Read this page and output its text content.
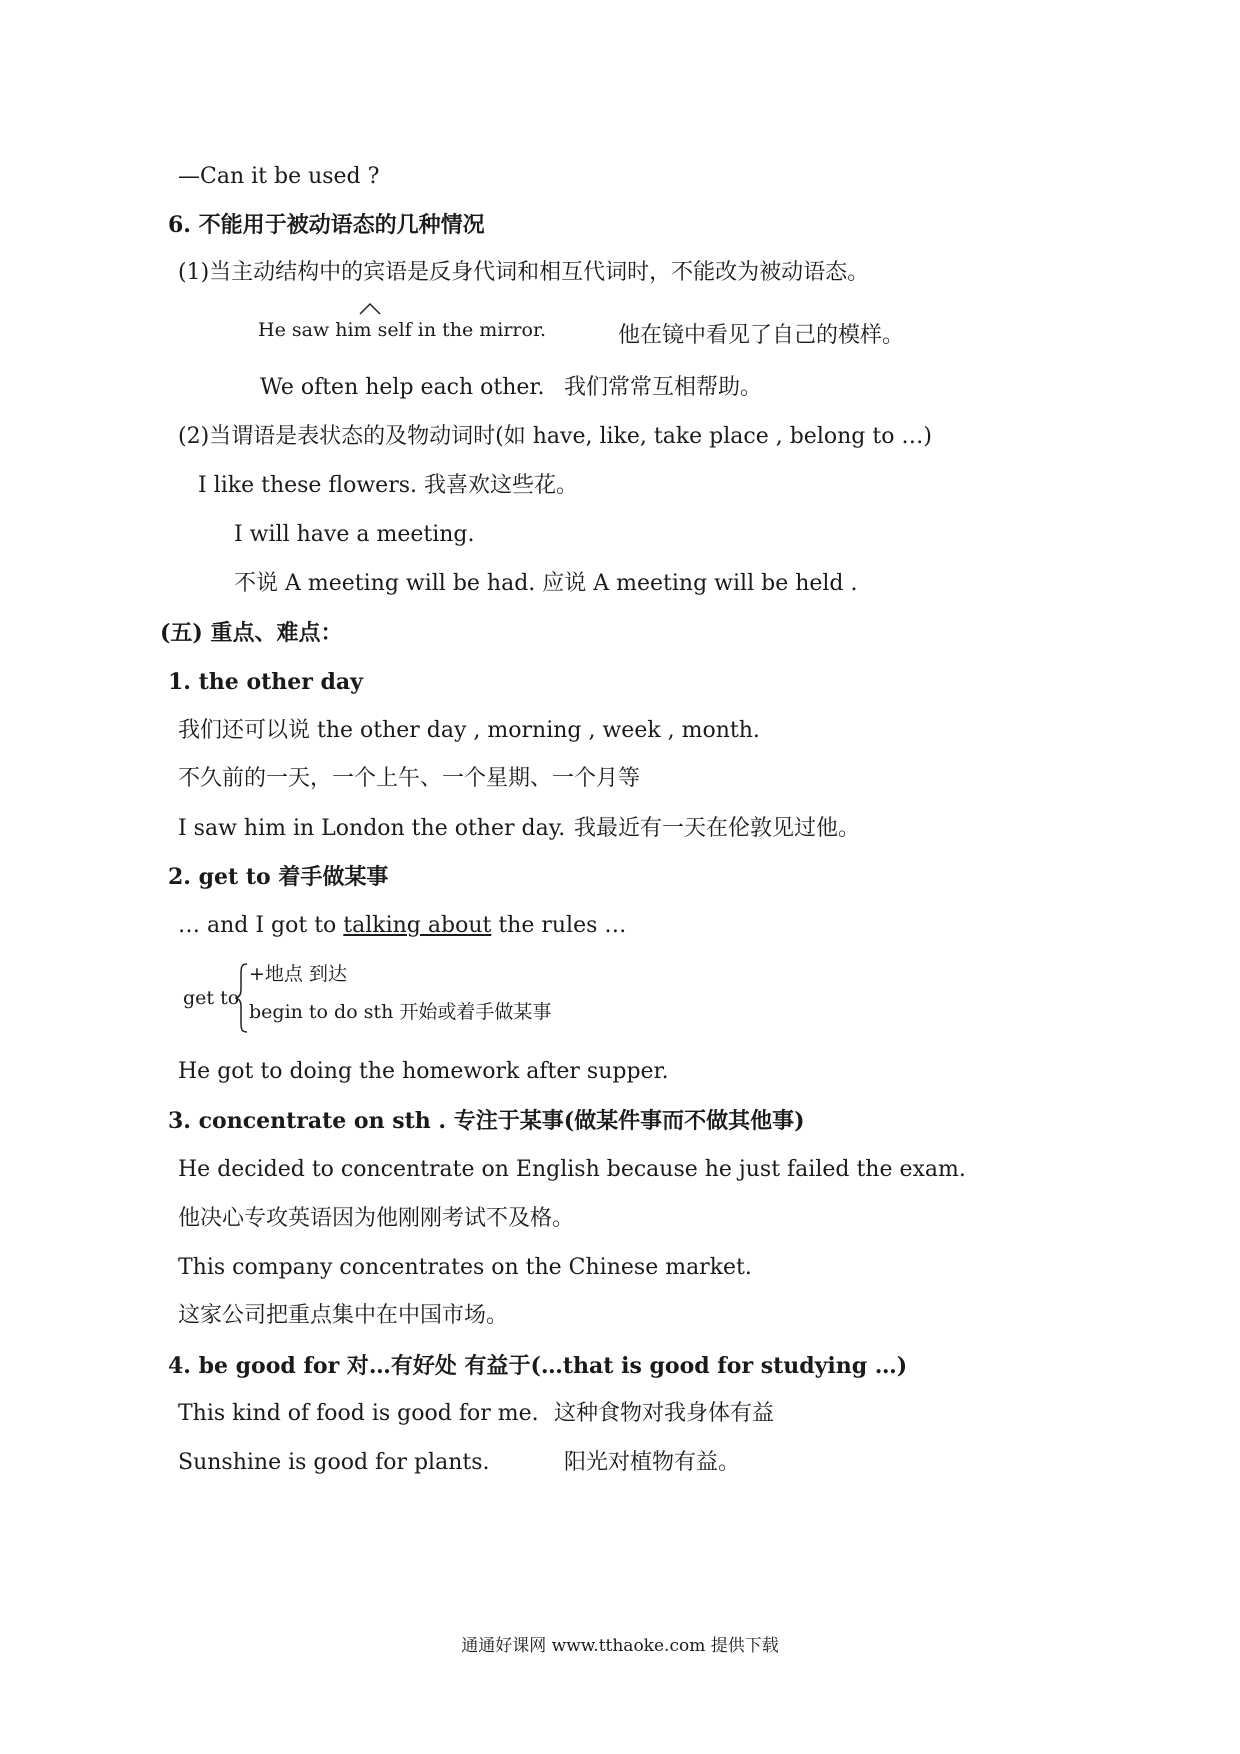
—Can it be used ?
6. 不能用于被动语态的几种情况
(1)当主动结构中的宾语是反身代词和相互代词时，不能改为被动语态。
He saw him self in the mirror.	他在镜中看见了自己的模样。
We often help each other. 我们常常互相帮助。
(2)当谓语是表状态的及物动词时(如 have, like, take place , belong to …)
I like these flowers. 我喜欢这些花。
I will have a meeting.
不说 A meeting will be had. 应说 A meeting will be held .
(五) 重点、难点：
1. the other day
我们还可以说 the other day , morning , week , month.
不久前的一天，一个上午、一个星期、一个月等
I saw him in London the other day. 我最近有一天在伦敦见过他。
2. get to 着手做某事
… and I got to talking about the rules …
get to
+地点 到达
begin to do sth 开始或着手做某事
He got to doing the homework after supper.
3. concentrate on sth . 专注于某事(做某件事而不做其他事)
He decided to concentrate on English because he just failed the exam.
他决心专攻英语因为他刚刚考试不及格。
This company concentrates on the Chinese market.
这家公司把重点集中在中国市场。
4. be good for 对…有好处 有益于(…that is good for studying …)
This kind of food is good for me. 这种食物对我身体有益
Sunshine is good for plants.	阳光对植物有益。
通通好课网 www.tthaoke.com 提供下载
